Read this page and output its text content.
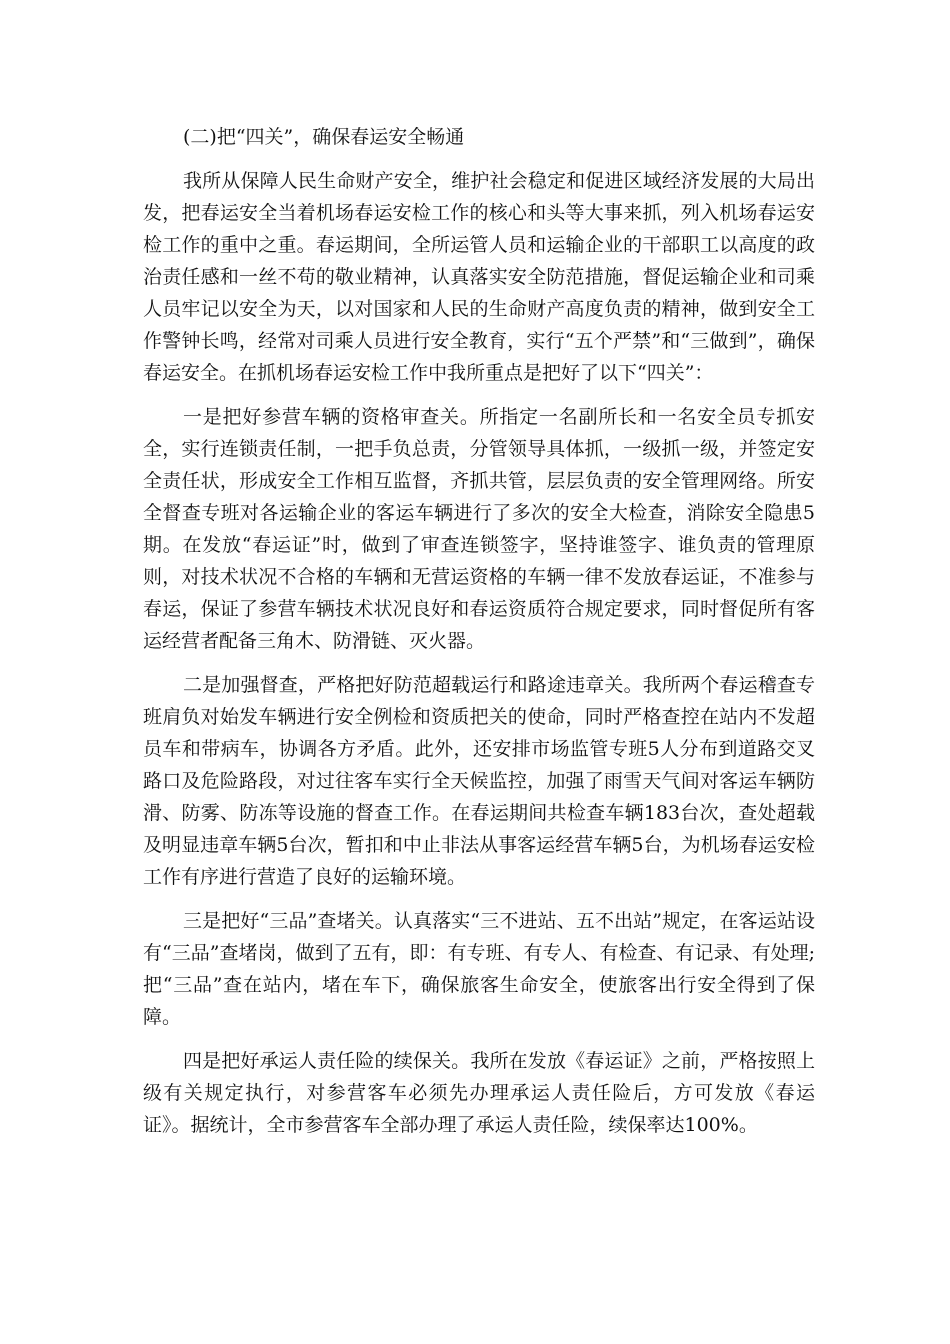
(二)把“四关”，确保春运安全畅通

我所从保障人民生命财产安全，维护社会稳定和促进区域经济发展的大局出发，把春运安全当着机场春运安检工作的核心和头等大事来抓，列入机场春运安检工作的重中之重。春运期间，全所运管人员和运输企业的干部职工以高度的政治责任感和一丝不苟的敬业精神，认真落实安全防范措施，督促运输企业和司乘人员牢记以安全为天，以对国家和人民的生命财产高度负责的精神，做到安全工作警钟长鸣，经常对司乘人员进行安全教育，实行“五个严禁”和“三做到”，确保春运安全。在抓机场春运安检工作中我所重点是把好了以下“四关”：

一是把好参营车辆的资格审查关。所指定一名副所长和一名安全员专抓安全，实行连锁责任制，一把手负总责，分管领导具体抓，一级抓一级，并签定安全责任状，形成安全工作相互监督，齐抓共管，层层负责的安全管理网络。所安全督查专班对各运输企业的客运车辆进行了多次的安全大检查，消除安全隐患5期。在发放“春运证”时，做到了审查连锁签字，坚持谁签字、谁负责的管理原则，对技术状况不合格的车辆和无营运资格的车辆一律不发放春运证，不准参与春运，保证了参营车辆技术状况良好和春运资质符合规定要求，同时督促所有客运经营者配备三角木、防滑链、灭火器。

二是加强督查，严格把好防范超载运行和路途违章关。我所两个春运稽查专班肩负对始发车辆进行安全例检和资质把关的使命，同时严格查控在站内不发超员车和带病车，协调各方矛盾。此外，还安排市场监管专班5人分布到道路交叉路口及危险路段，对过往客车实行全天候监控，加强了雨雪天气间对客运车辆防滑、防雾、防冻等设施的督查工作。在春运期间共检查车辆183台次，查处超载及明显违章车辆5台次，暂扣和中止非法从事客运经营车辆5台，为机场春运安检工作有序进行营造了良好的运输环境。

三是把好“三品”查堵关。认真落实“三不进站、五不出站”规定，在客运站设有“三品”查堵岗，做到了五有，即：有专班、有专人、有检查、有记录、有处理;把“三品”查在站内，堵在车下，确保旅客生命安全，使旅客出行安全得到了保障。

四是把好承运人责任险的续保关。我所在发放《春运证》之前，严格按照上级有关规定执行，对参营客车必须先办理承运人责任险后，方可发放《春运证》。据统计，全市参营客车全部办理了承运人责任险，续保率达100%。
